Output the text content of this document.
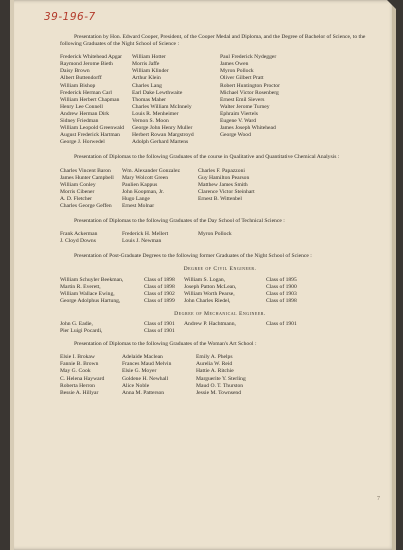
39-196-7
7

Presentation by Hon. Edward Cooper, President, of the Cooper Medal and Diploma, and the Degree of Bachelor of Science, to the following Graduates of the Night School of Science :

Frederick Whitehead Apgar
Raymond Jerome Bieth
Daisy Brown
Albert Buttendorff
William Bishop
Frederick Herman Carl
William Herbert Chapman
Henry Lee Connell
Andrew Herman Dirk
Sidney Friedman
William Leopold Greenwald
August Frederick Hartman
George J. Horwedel
William Hotter
Morris Jaffe
William Klinder
Arthur Klein
Charles Lang
Earl Dake Lewthwaite
Thomas Maher
Charles William McInnely
Louis R. Menheimer
Vernon S. Moon
George John Henry Muller
Herbert Rowan Margstroyd
Adolph Gerhard Martens
Paul Frederick Nydegger
James Owen
Myron Pollock
Oliver Gilbert Pratt
Robert Huntington Proctor
Michael Victor Rosenberg
Ernest Emil Sievers
Walter Jerome Turney
Ephraim Viertels
Eugene V. Ward
James Joseph Whitehead
George Wood

Presentation of Diplomas to the following Graduates of the course in Qualitative and Quantitative Chemical Analysis :

Charles Vincent Baron
James Hunter Campbell
William Conley
Morris Cibener
A. D. Fletcher
Charles George Geffen
Wm. Alexander Gonzalez
Mary Wolcott Green
Paulien Kappus
John Koopman, Jr.
Hugo Lange
Ernest Molnar
Charles F. Papazzoni
Guy Hamilton Pearson
Matthew James Smith
Clarence Victor Steinhart
Ernest B. Wittenbel

Presentation of Diplomas to the following Graduates of the Day School of Technical Science :

Frank Ackerman
J. Cloyd Downs
Frederick H. Mellert
Louis J. Newman
Myron Pollock

Presentation of Post-Graduate Degrees to the following former Graduates of the Night School of Science :

Degree of Civil Engineer.
William Schuyler Beekman,	Class of 1898	William S. Logan,	Class of 1895
Martin R. Everett,	Class of 1898	Joseph Patton McLean,	Class of 1900
William Wallace Ewing,	Class of 1902	William Worth Pearse,	Class of 1903
George Adolphus Hartung,	Class of 1899	John Charles Riedel,	Class of 1898
Degree of Mechanical Engineer.
John G. Eadie,	Class of 1901	Andrew P. Hachtmann,	Class of 1901
Pier Luigi Pocardi,	Class of 1901

Presentation of Diplomas to the following Graduates of the Woman's Art School :

Elsie I. Brokaw
Fannie B. Brown
May G. Cook
C. Helena Hayward
Roberta Herron
Bessie A. Hillyar
Adelaide Maclean
Frances Maud Melvin
Elsie G. Moyer
Goldene H. Newhall
Alice Noble
Anna M. Patterson
Emily A. Phelps
Aurelia W. Reid
Hattie A. Ritchie
Marguerite Y. Sterling
Maud O. T. Thurston
Jessie M. Townsend
